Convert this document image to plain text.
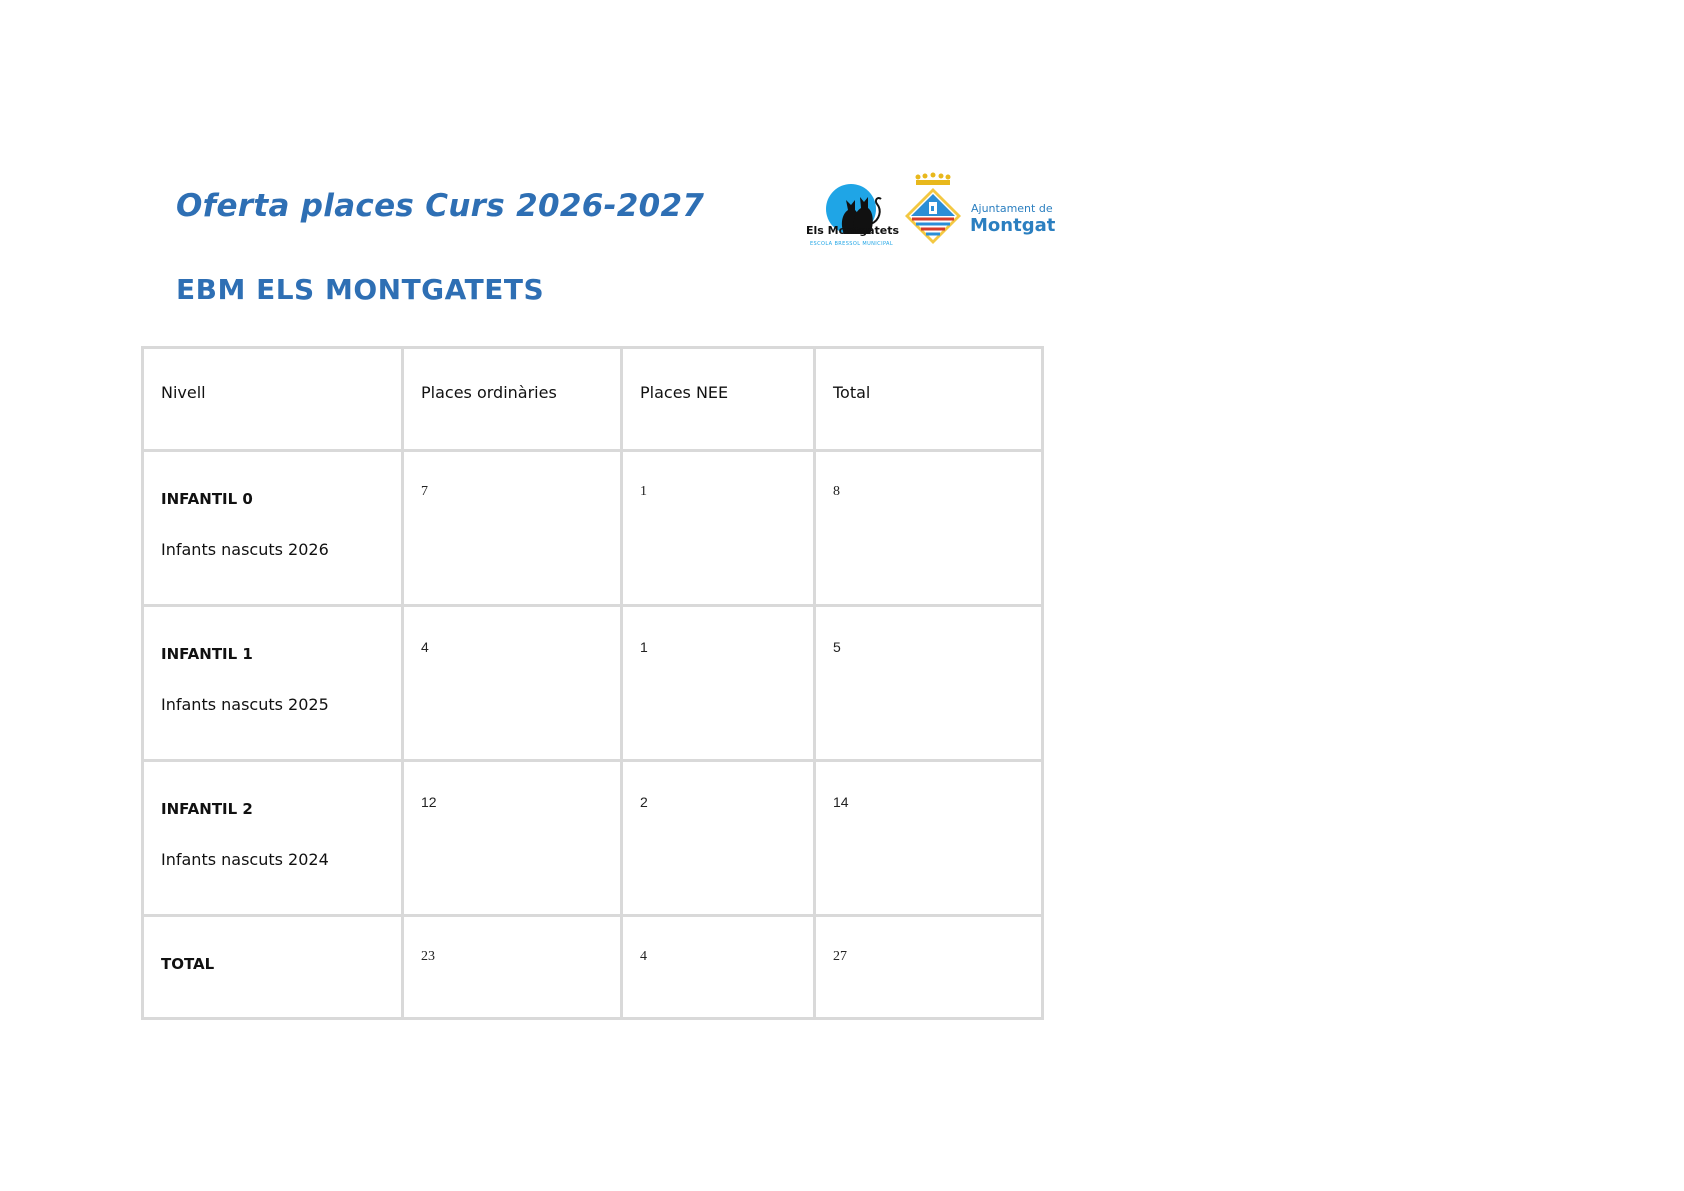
Oferta places Curs 2026-2027
Els Montgatets
ESCOLA BRESSOL MUNICIPAL
Ajuntament de
Montgat
EBM ELS MONTGATETS
Nivell	Places ordinàries	Places NEE	Total

INFANTIL 0
Infants nascuts 2026	7	1	8

INFANTIL 1
Infants nascuts 2025	4	1	5

INFANTIL 2
Infants nascuts 2024	12	2	14

TOTAL	23	4	27
